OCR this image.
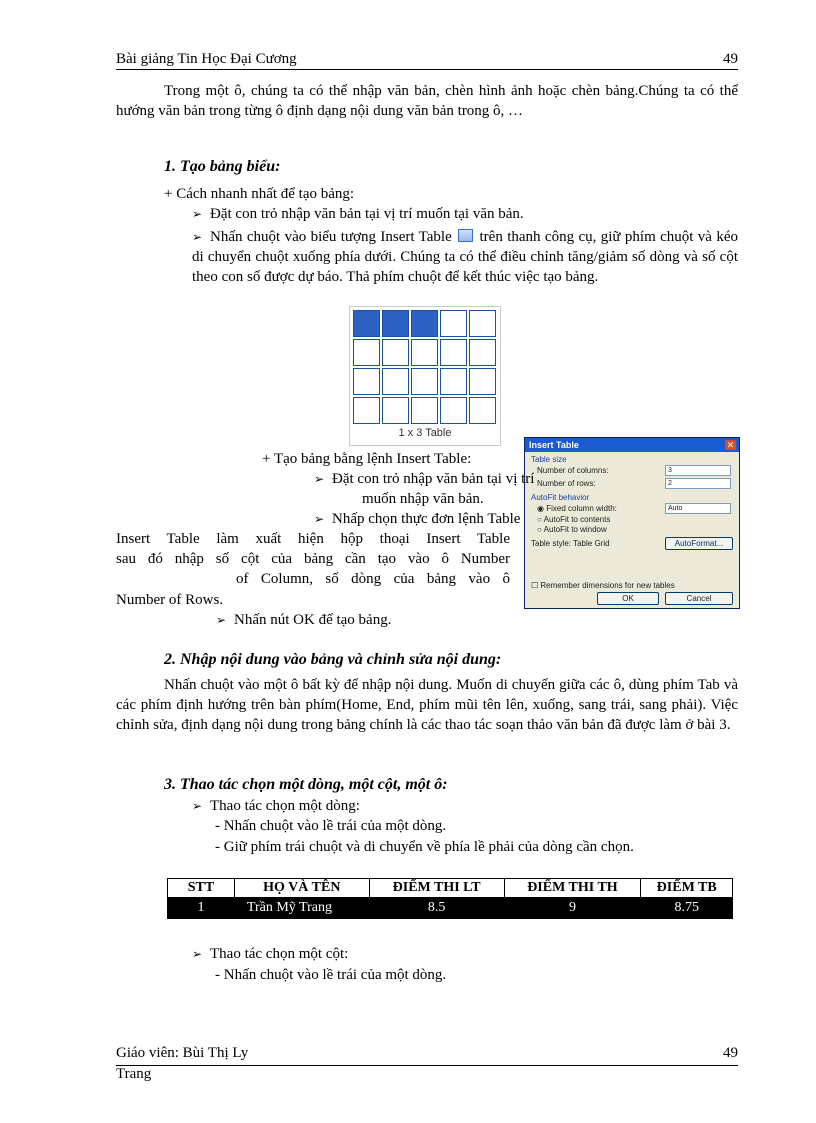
Bài giảng Tin Học Đại Cương	49
Trong một ô, chúng ta có thể nhập văn bản, chèn hình ảnh hoặc chèn bảng.Chúng ta có thể hướng văn bản trong từng ô định dạng nội dung văn bản trong ô, …
1. Tạo bảng biểu:
+ Cách nhanh nhất để tạo bảng:
➢ Đặt con trỏ nhập văn bản tại vị trí muốn tại văn bản.
➢ Nhấn chuột vào biểu tượng Insert Table trên thanh công cụ, giữ phím chuột và kéo di chuyển chuột xuống phía dưới. Chúng ta có thể điều chỉnh tăng/giảm số dòng và số cột theo con số được dự báo. Thả phím chuột để kết thúc việc tạo bảng.
1 x 3 Table
Insert Table	✕
Table size
Number of columns:	3
Number of rows:	2
AutoFit behavior
◉ Fixed column width:	Auto
○ AutoFit to contents
○ AutoFit to window
Table style: Table Grid	AutoFormat...
☐ Remember dimensions for new tables
OK	Cancel
+ Tạo bảng bằng lệnh Insert Table:
➢ Đặt con trỏ nhập văn bản tại vị trí
muốn nhập văn bản.
➢ Nhấp chọn thực đơn lệnh Table
Insert Table làm xuất hiện hộp thoại Insert Table
sau đó nhập số cột của bảng cần tạo vào ô Number
of Column, số dòng của bảng vào ô
Number of Rows.
➢ Nhấn nút OK để tạo bảng.
2. Nhập nội dung vào bảng và chỉnh sửa nội dung:
Nhấn chuột vào một ô bất kỳ để nhập nội dung. Muốn di chuyển giữa các ô, dùng phím Tab và các phím định hướng trên bàn phím(Home, End, phím mũi tên lên, xuống, sang trái, sang phải). Việc chỉnh sửa, định dạng nội dung trong bảng chính là các thao tác soạn thảo văn bản đã được làm ở bài 3.
3. Thao tác chọn một dòng, một cột, một ô:
➢ Thao tác chọn một dòng:
- Nhấn chuột vào lề trái của một dòng.
- Giữ phím trái chuột và di chuyển về phía lề phải của dòng cần chọn.
STT	HỌ VÀ TÊN	ĐIỂM THI LT	ĐIỂM THI TH	ĐIỂM TB
1	Trần Mỹ Trang	8.5	9	8.75
➢ Thao tác chọn một cột:
- Nhấn chuột vào lề trái của một dòng.
Giáo viên: Bùi Thị Ly	49
Trang
